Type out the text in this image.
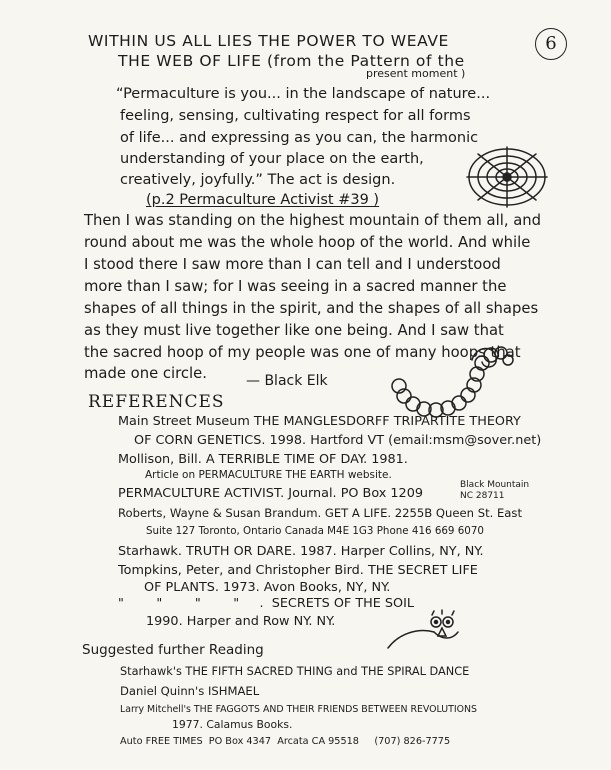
6
WITHIN US ALL LIES THE POWER TO WEAVE
THE WEB OF LIFE (from the Pattern of the
present moment )
“Permaculture is you... in the landscape of nature...
feeling, sensing, cultivating respect for all forms
of life... and expressing as you can, the harmonic
understanding of your place on the earth,
creatively, joyfully.” The act is design.
(p.2 Permaculture Activist #39 )
Then I was standing on the highest mountain of them all, and
round about me was the whole hoop of the world. And while
I stood there I saw more than I can tell and I understood
more than I saw; for I was seeing in a sacred manner the
shapes of all things in the spirit, and the shapes of all shapes
as they must live together like one being. And I saw that
the sacred hoop of my people was one of many hoops that
made one circle.	— Black Elk
REFERENCES
Main Street Museum THE MANGLESDORFF TRIPARTITE THEORY
OF CORN GENETICS. 1998. Hartford VT (email:msm@sover.net)
Mollison, Bill. A TERRIBLE TIME OF DAY. 1981.
Article on PERMACULTURE THE EARTH website.
PERMACULTURE ACTIVIST. Journal. PO Box 1209
Black Mountain
NC 28711
Roberts, Wayne & Susan Brandum. GET A LIFE. 2255B Queen St. East
Suite 127 Toronto, Ontario Canada M4E 1G3 Phone 416 669 6070
Starhawk. TRUTH OR DARE. 1987. Harper Collins, NY, NY.
Tompkins, Peter, and Christopher Bird. THE SECRET LIFE
OF PLANTS. 1973. Avon Books, NY, NY.
"        "        "        "     .  SECRETS OF THE SOIL
1990. Harper and Row NY. NY.
Suggested further Reading
Starhawk's THE FIFTH SACRED THING and THE SPIRAL DANCE
Daniel Quinn's ISHMAEL
Larry Mitchell's THE FAGGOTS AND THEIR FRIENDS BETWEEN REVOLUTIONS
1977. Calamus Books.
Auto FREE TIMES  PO Box 4347  Arcata CA 95518     (707) 826-7775
